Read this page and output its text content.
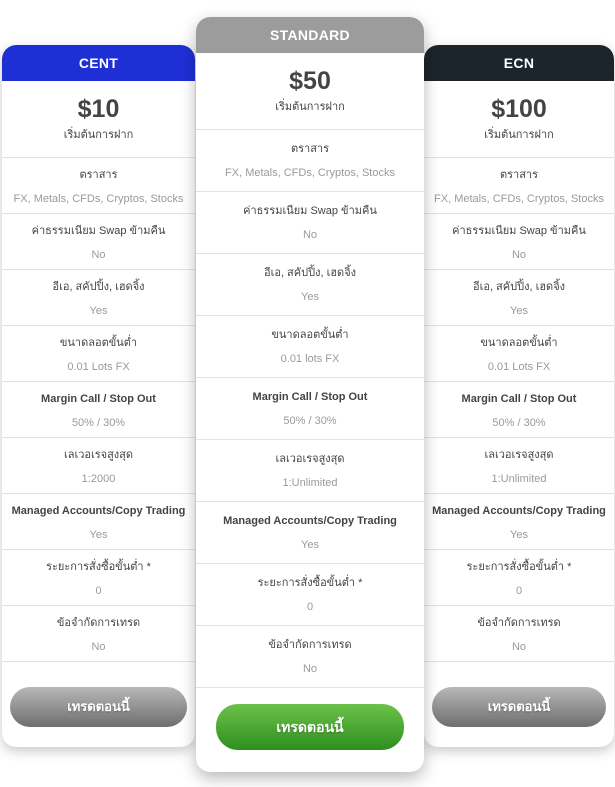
CENT
$10
เริ่มต้นการฝาก
ตราสาร
FX, Metals, CFDs, Cryptos, Stocks
ค่าธรรมเนียม Swap ข้ามคืน
No
อีเอ, สคัปปิ้ง, เฮดจิ้ง
Yes
ขนาดลอตขั้นต่ำ
0.01 Lots FX
Margin Call / Stop Out
50% / 30%
เลเวอเรจสูงสุด
1:2000
Managed Accounts/Copy Trading
Yes
ระยะการสั่งซื้อขั้นต่ำ *
0
ข้อจำกัดการเทรด
No
เทรดตอนนี้
STANDARD
$50
เริ่มต้นการฝาก
ตราสาร
FX, Metals, CFDs, Cryptos, Stocks
ค่าธรรมเนียม Swap ข้ามคืน
No
อีเอ, สคัปปิ้ง, เฮดจิ้ง
Yes
ขนาดลอตขั้นต่ำ
0.01 lots FX
Margin Call / Stop Out
50% / 30%
เลเวอเรจสูงสุด
1:Unlimited
Managed Accounts/Copy Trading
Yes
ระยะการสั่งซื้อขั้นต่ำ *
0
ข้อจำกัดการเทรด
No
เทรดตอนนี้
ECN
$100
เริ่มต้นการฝาก
ตราสาร
FX, Metals, CFDs, Cryptos, Stocks
ค่าธรรมเนียม Swap ข้ามคืน
No
อีเอ, สคัปปิ้ง, เฮดจิ้ง
Yes
ขนาดลอตขั้นต่ำ
0.01 Lots FX
Margin Call / Stop Out
50% / 30%
เลเวอเรจสูงสุด
1:Unlimited
Managed Accounts/Copy Trading
Yes
ระยะการสั่งซื้อขั้นต่ำ *
0
ข้อจำกัดการเทรด
No
เทรดตอนนี้
